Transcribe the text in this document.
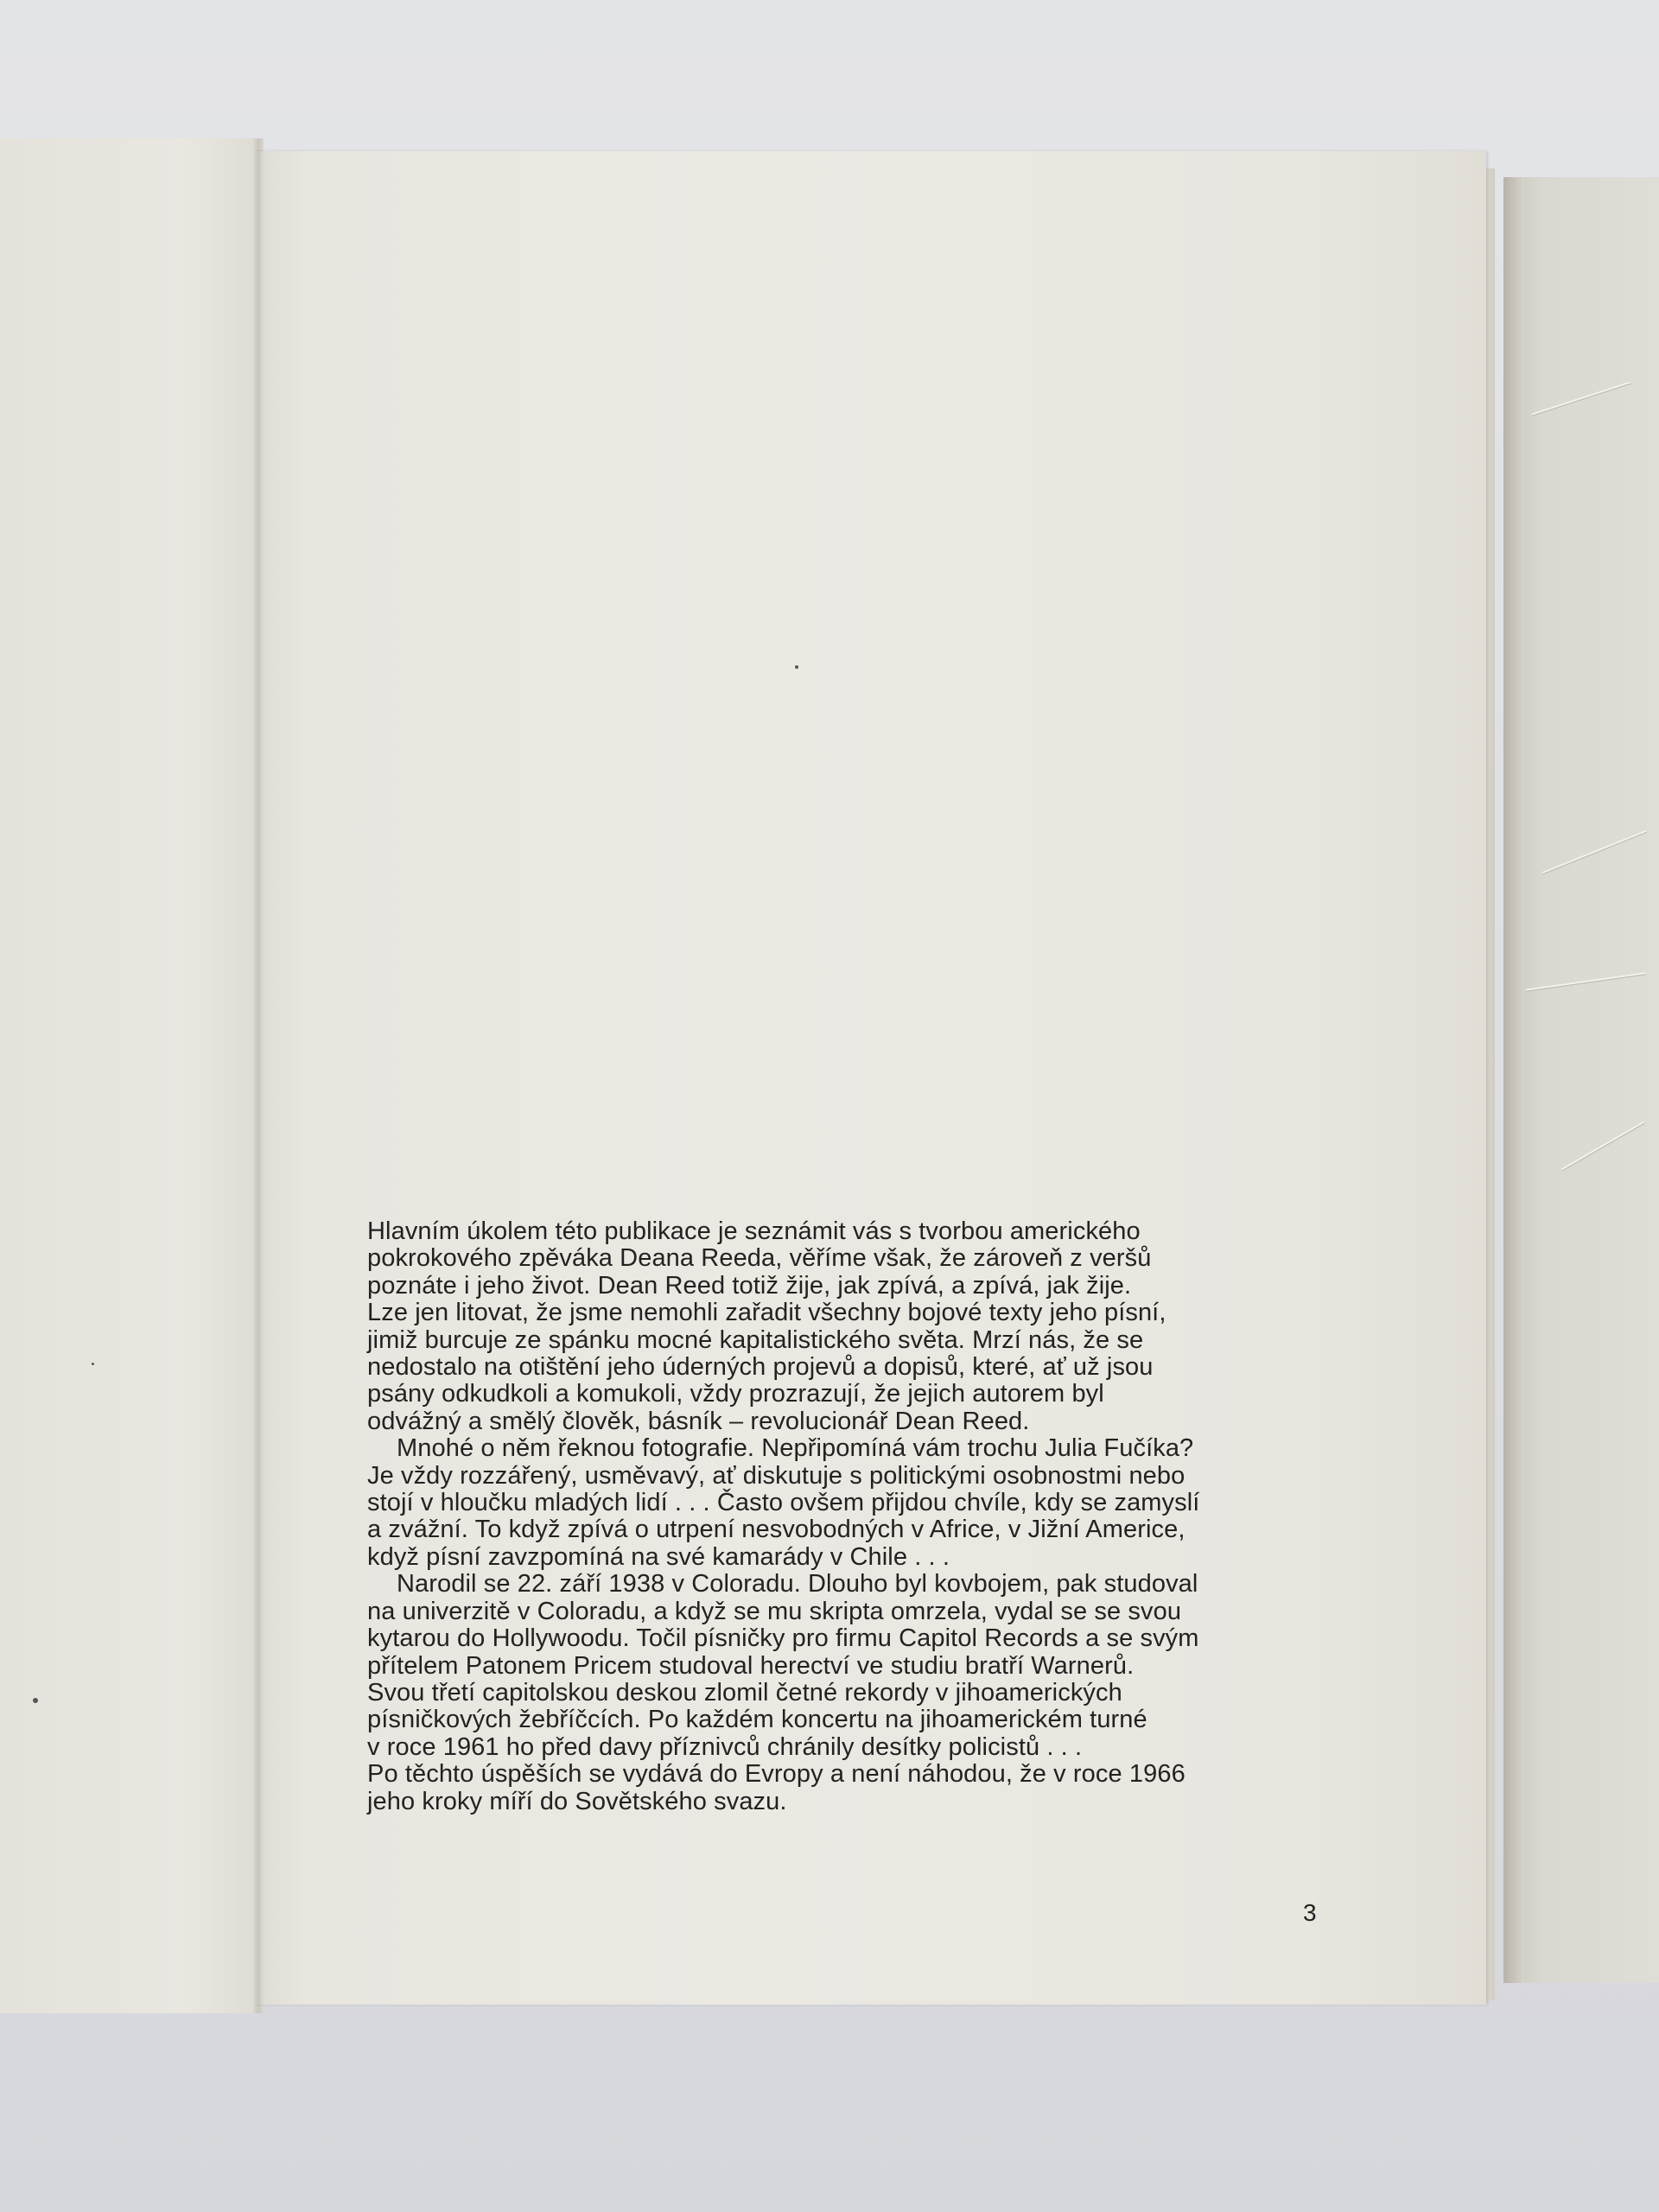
Hlavním úkolem této publikace je seznámit vás s tvorbou amerického
pokrokového zpěváka Deana Reeda, věříme však, že zároveň z veršů
poznáte i jeho život. Dean Reed totiž žije, jak zpívá, a zpívá, jak žije.
Lze jen litovat, že jsme nemohli zařadit všechny bojové texty jeho písní,
jimiž burcuje ze spánku mocné kapitalistického světa. Mrzí nás, že se
nedostalo na otištění jeho úderných projevů a dopisů, které, ať už jsou
psány odkudkoli a komukoli, vždy prozrazují, že jejich autorem byl
odvážný a smělý člověk, básník – revolucionář Dean Reed.
Mnohé o něm řeknou fotografie. Nepřipomíná vám trochu Julia Fučíka?
Je vždy rozzářený, usměvavý, ať diskutuje s politickými osobnostmi nebo
stojí v hloučku mladých lidí . . . Často ovšem přijdou chvíle, kdy se zamyslí
a zvážní. To když zpívá o utrpení nesvobodných v Africe, v Jižní Americe,
když písní zavzpomíná na své kamarády v Chile . . .
Narodil se 22. září 1938 v Coloradu. Dlouho byl kovbojem, pak studoval
na univerzitě v Coloradu, a když se mu skripta omrzela, vydal se se svou
kytarou do Hollywoodu. Točil písničky pro firmu Capitol Records a se svým
přítelem Patonem Pricem studoval herectví ve studiu bratří Warnerů.
Svou třetí capitolskou deskou zlomil četné rekordy v jihoamerických
písničkových žebříčcích. Po každém koncertu na jihoamerickém turné
v roce 1961 ho před davy příznivců chránily desítky policistů . . .
Po těchto úspěších se vydává do Evropy a není náhodou, že v roce 1966
jeho kroky míří do Sovětského svazu.
3
